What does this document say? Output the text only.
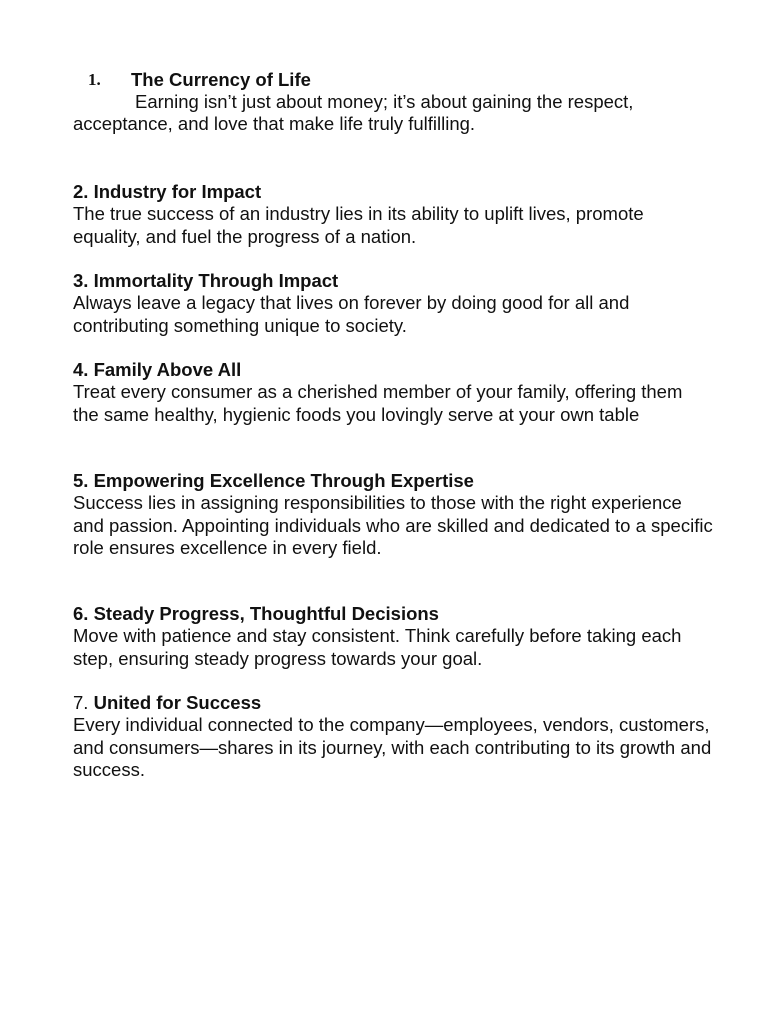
1. The Currency of Life
Earning isn’t just about money; it’s about gaining the respect, acceptance, and love that make life truly fulfilling.
2. Industry for Impact
The true success of an industry lies in its ability to uplift lives, promote equality, and fuel the progress of a nation.
3. Immortality Through Impact
Always leave a legacy that lives on forever by doing good for all and contributing something unique to society.
4. Family Above All
Treat every consumer as a cherished member of your family, offering them the same healthy, hygienic foods you lovingly serve at your own table
5. Empowering Excellence Through Expertise
Success lies in assigning responsibilities to those with the right experience and passion. Appointing individuals who are skilled and dedicated to a specific role ensures excellence in every field.
6. Steady Progress, Thoughtful Decisions
Move with patience and stay consistent. Think carefully before taking each step, ensuring steady progress towards your goal.
7. United for Success
Every individual connected to the company—employees, vendors, customers, and consumers—shares in its journey, with each contributing to its growth and success.
